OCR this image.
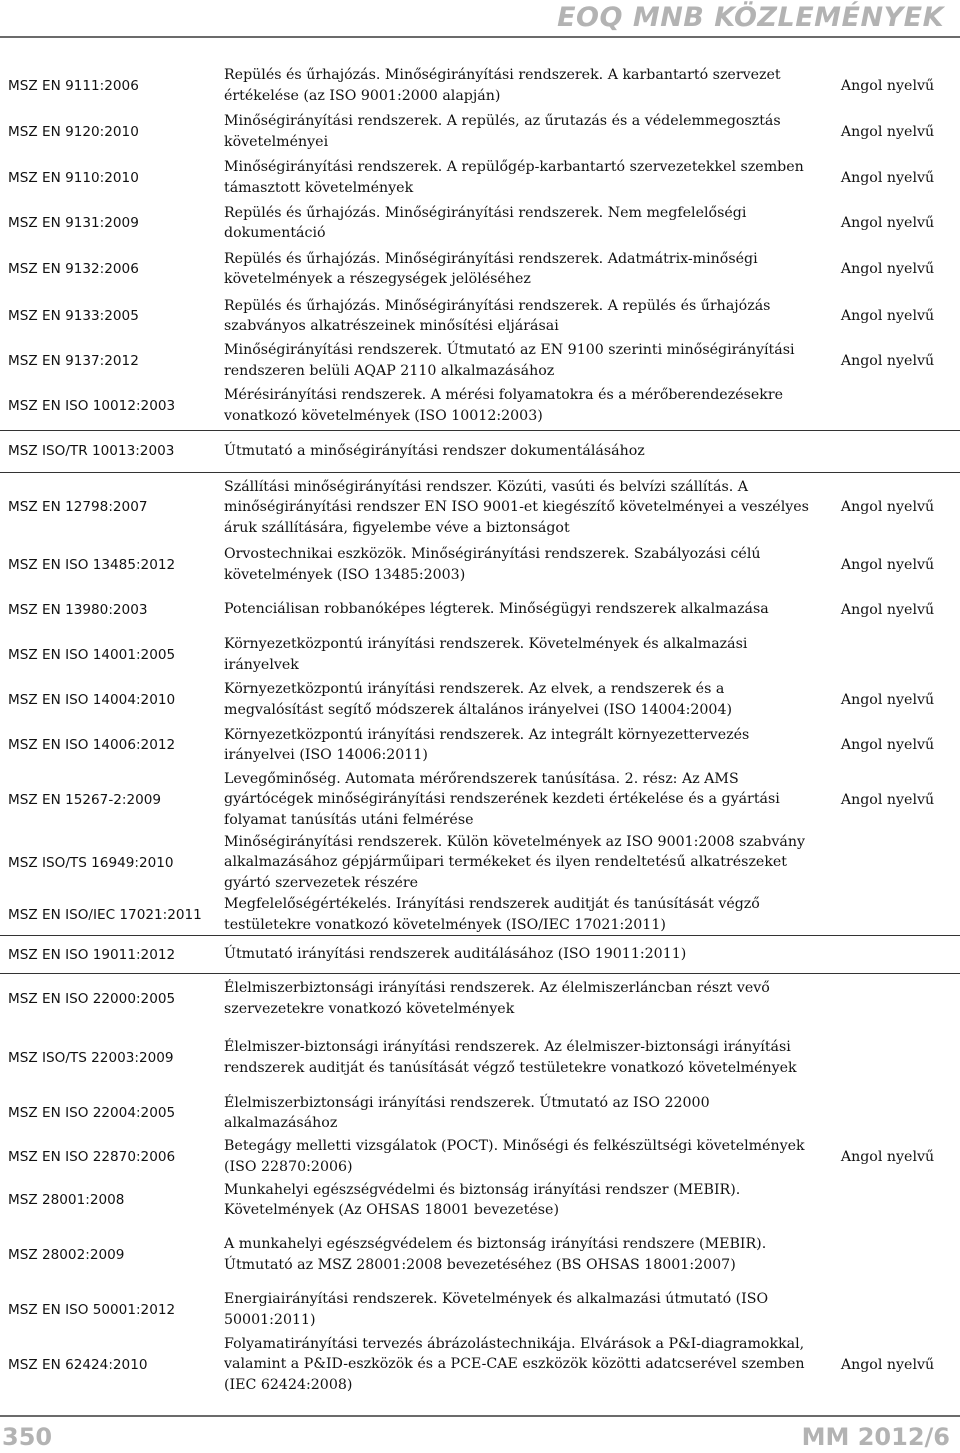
EOQ MNB KÖZLEMÉNYEK
MSZ EN 9111:2006	Repülés és űrhajózás. Minőségirányítási rendszerek. A karbantartó szervezet értékelése (az ISO 9001:2000 alapján)	Angol nyelvű
MSZ EN 9120:2010	Minőségirányítási rendszerek. A repülés, az űrutazás és a védelemmegosztás követelményei	Angol nyelvű
MSZ EN 9110:2010	Minőségirányítási rendszerek. A repülőgép-karbantartó szervezetekkel szemben támasztott követelmények	Angol nyelvű
MSZ EN 9131:2009	Repülés és űrhajózás. Minőségirányítási rendszerek. Nem megfelelőségi dokumentáció	Angol nyelvű
MSZ EN 9132:2006	Repülés és űrhajózás. Minőségirányítási rendszerek. Adatmátrix-minőségi követelmények a részegységek jelöléséhez	Angol nyelvű
MSZ EN 9133:2005	Repülés és űrhajózás. Minőségirányítási rendszerek. A repülés és űrhajózás szabványos alkatrészeinek minősítési eljárásai	Angol nyelvű
MSZ EN 9137:2012	Minőségirányítási rendszerek. Útmutató az EN 9100 szerinti minőségirányítási rendszeren belüli AQAP 2110 alkalmazásához	Angol nyelvű
MSZ EN ISO 10012:2003	Mérésirányítási rendszerek. A mérési folyamatokra és a mérőberendezésekre vonatkozó követelmények (ISO 10012:2003)	
MSZ ISO/TR 10013:2003	Útmutató a minőségirányítási rendszer dokumentálásához	
MSZ EN 12798:2007	Szállítási minőségirányítási rendszer. Közúti, vasúti és belvízi szállítás. A minőségirányítási rendszer EN ISO 9001-et kiegészítő követelményei a veszélyes áruk szállítására, figyelembe véve a biztonságot	Angol nyelvű
MSZ EN ISO 13485:2012	Orvostechnikai eszközök. Minőségirányítási rendszerek. Szabályozási célú követelmények (ISO 13485:2003)	Angol nyelvű
MSZ EN 13980:2003	Potenciálisan robbanóképes légterek. Minőségügyi rendszerek alkalmazása	Angol nyelvű
MSZ EN ISO 14001:2005	Környezetközpontú irányítási rendszerek. Követelmények és alkalmazási irányelvek	
MSZ EN ISO 14004:2010	Környezetközpontú irányítási rendszerek. Az elvek, a rendszerek és a megvalósítást segítő módszerek általános irányelvei (ISO 14004:2004)	Angol nyelvű
MSZ EN ISO 14006:2012	Környezetközpontú irányítási rendszerek. Az integrált környezettervezés irányelvei (ISO 14006:2011)	Angol nyelvű
MSZ EN 15267-2:2009	Levegőminőség. Automata mérőrendszerek tanúsítása. 2. rész: Az AMS gyártócégek minőségirányítási rendszerének kezdeti értékelése és a gyártási folyamat tanúsítás utáni felmérése	Angol nyelvű
MSZ ISO/TS 16949:2010	Minőségirányítási rendszerek. Külön követelmények az ISO 9001:2008 szabvány alkalmazásához gépjárműipari termékeket és ilyen rendeltetésű alkatrészeket gyártó szervezetek részére	
MSZ EN ISO/IEC 17021:2011	Megfelelőségértékelés. Irányítási rendszerek auditját és tanúsítását végző testületekre vonatkozó követelmények (ISO/IEC 17021:2011)	
MSZ EN ISO 19011:2012	Útmutató irányítási rendszerek auditálásához (ISO 19011:2011)	
MSZ EN ISO 22000:2005	Élelmiszerbiztonsági irányítási rendszerek. Az élelmiszerláncban részt vevő szervezetekre vonatkozó követelmények	
MSZ ISO/TS 22003:2009	Élelmiszer-biztonsági irányítási rendszerek. Az élelmiszer-biztonsági irányítási rendszerek auditját és tanúsítását végző testületekre vonatkozó követelmények	
MSZ EN ISO 22004:2005	Élelmiszerbiztonsági irányítási rendszerek. Útmutató az ISO 22000 alkalmazásához	
MSZ EN ISO 22870:2006	Betegágy melletti vizsgálatok (POCT). Minőségi és felkészültségi követelmények (ISO 22870:2006)	Angol nyelvű
MSZ 28001:2008	Munkahelyi egészségvédelmi és biztonság irányítási rendszer (MEBIR). Követelmények (Az OHSAS 18001 bevezetése)	
MSZ 28002:2009	A munkahelyi egészségvédelem és biztonság irányítási rendszere (MEBIR). Útmutató az MSZ 28001:2008 bevezetéséhez (BS OHSAS 18001:2007)	
MSZ EN ISO 50001:2012	Energiairányítási rendszerek. Követelmények és alkalmazási útmutató (ISO 50001:2011)	
MSZ EN 62424:2010	Folyamatirányítási tervezés ábrázolástechnikája. Elvárások a P&I-diagramokkal, valamint a P&ID-eszközök és a PCE-CAE eszközök közötti adatcserével szemben (IEC 62424:2008)	Angol nyelvű
350	MM 2012/6
